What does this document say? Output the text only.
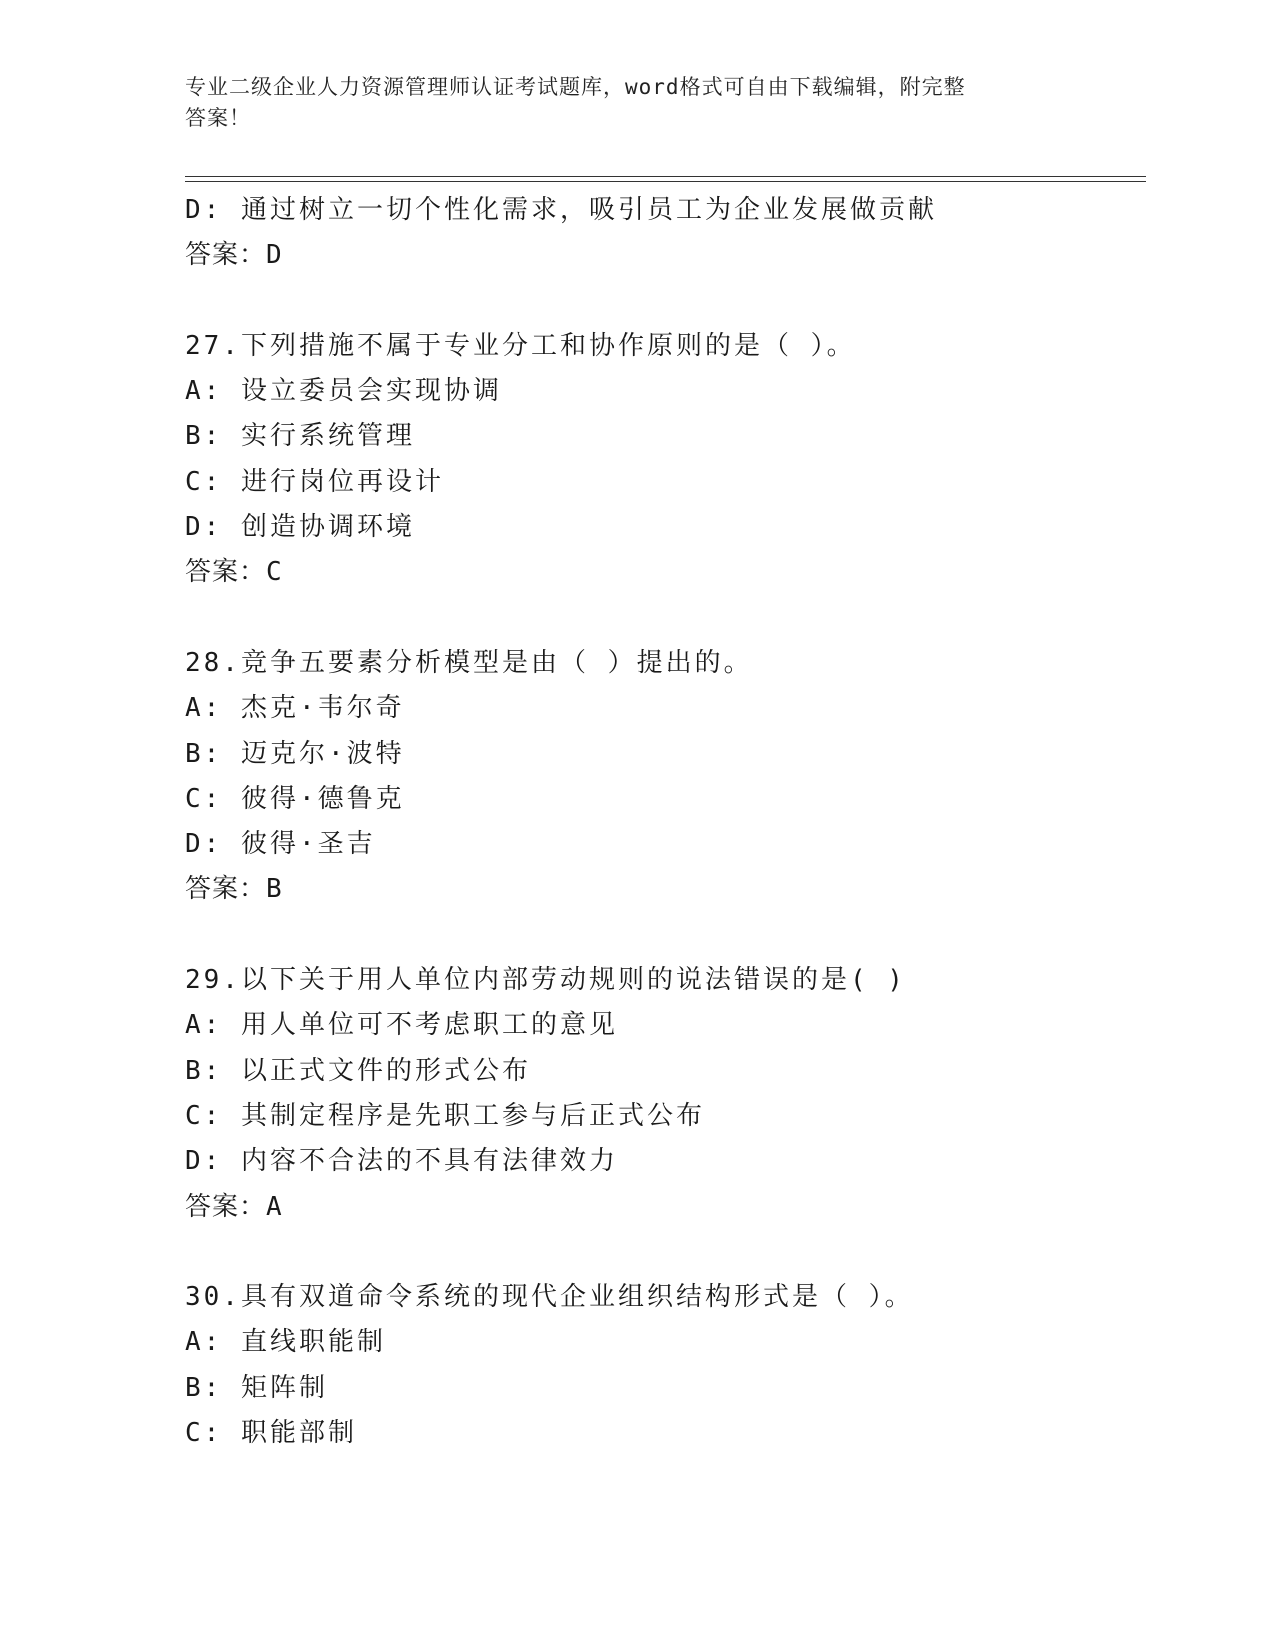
专业二级企业人力资源管理师认证考试题库，word格式可自由下载编辑，附完整
答案！
D: 通过树立一切个性化需求，吸引员工为企业发展做贡献
答案：D
27.下列措施不属于专业分工和协作原则的是（ ）。
A: 设立委员会实现协调
B: 实行系统管理
C: 进行岗位再设计
D: 创造协调环境
答案：C
28.竞争五要素分析模型是由（ ）提出的。
A: 杰克·韦尔奇
B: 迈克尔·波特
C: 彼得·德鲁克
D: 彼得·圣吉
答案：B
29.以下关于用人单位内部劳动规则的说法错误的是( )
A: 用人单位可不考虑职工的意见
B: 以正式文件的形式公布
C: 其制定程序是先职工参与后正式公布
D: 内容不合法的不具有法律效力
答案：A
30.具有双道命令系统的现代企业组织结构形式是（ ）。
A: 直线职能制
B: 矩阵制
C: 职能部制
